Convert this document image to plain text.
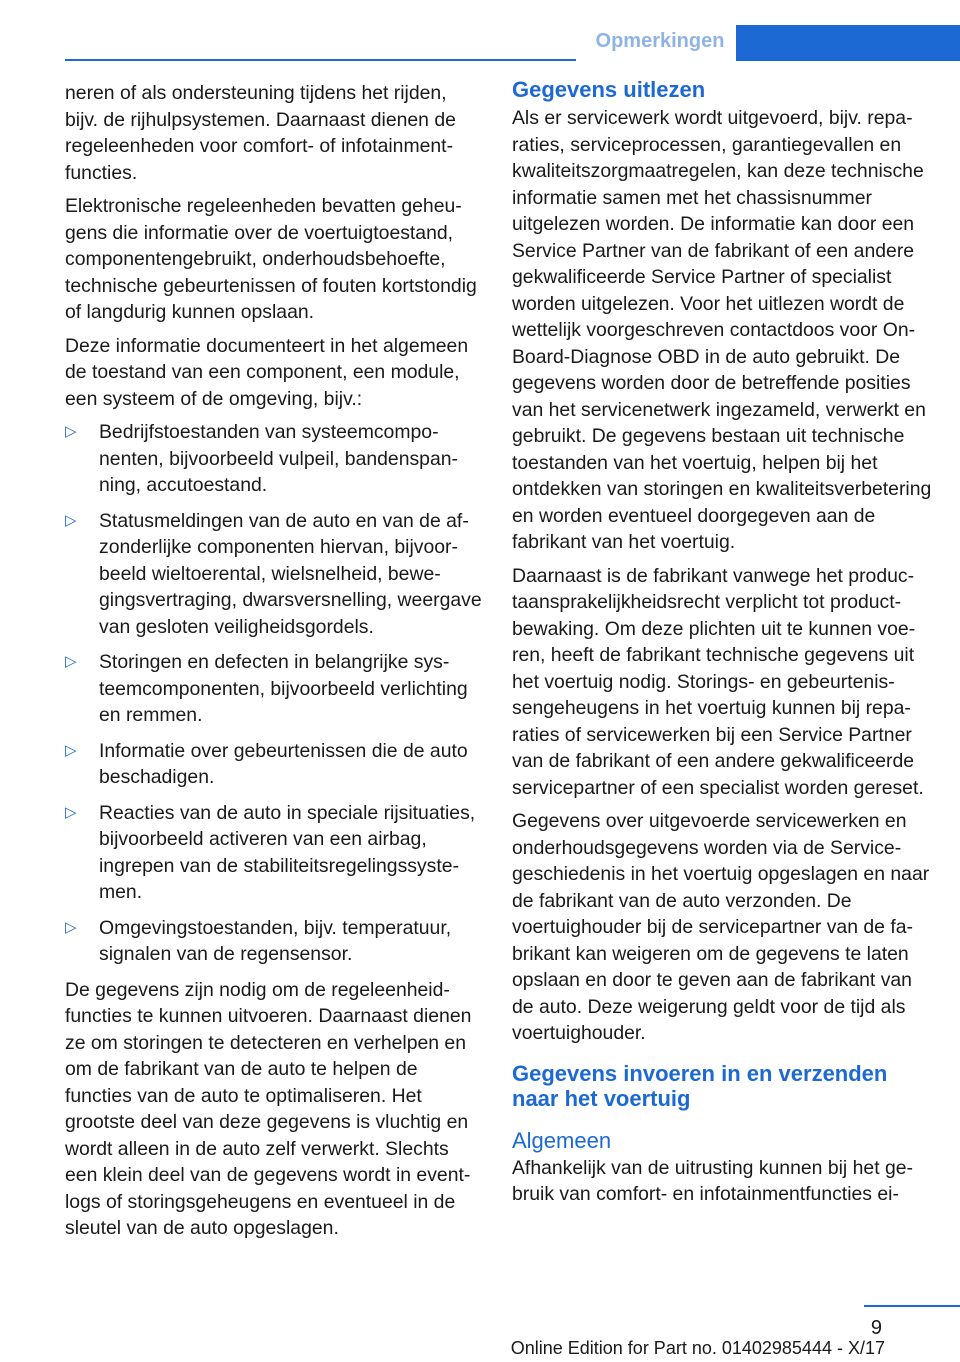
Opmerkingen

neren of als ondersteuning tijdens het rijden, bijv. de rijhulpsystemen. Daarnaast dienen de regeleenheden voor comfort- of infotainmentfuncties.

Elektronische regeleenheden bevatten geheugens die informatie over de voertuigtoestand, componentengebruikt, onderhoudsbehoefte, technische gebeurtenissen of fouten kortstondig of langdurig kunnen opslaan.

Deze informatie documenteert in het algemeen de toestand van een component, een module, een systeem of de omgeving, bijv.:

▷ Bedrijfstoestanden van systeemcomponenten, bijvoorbeeld vulpeil, bandenspanning, accutoestand.
▷ Statusmeldingen van de auto en van de afzonderlijke componenten hiervan, bijvoorbeeld wieltoerental, wielsnelheid, bewegingsvertraging, dwarsversnelling, weergave van gesloten veiligheidsgordels.
▷ Storingen en defecten in belangrijke systeemcomponenten, bijvoorbeeld verlichting en remmen.
▷ Informatie over gebeurtenissen die de auto beschadigen.
▷ Reacties van de auto in speciale rijsituaties, bijvoorbeeld activeren van een airbag, ingrepen van de stabiliteitsregelingssystemen.
▷ Omgevingstoestanden, bijv. temperatuur, signalen van de regensensor.

De gegevens zijn nodig om de regeleenheidfuncties te kunnen uitvoeren. Daarnaast dienen ze om storingen te detecteren en verhelpen en om de fabrikant van de auto te helpen de functies van de auto te optimaliseren. Het grootste deel van deze gegevens is vluchtig en wordt alleen in de auto zelf verwerkt. Slechts een klein deel van de gegevens wordt in eventlogs of storingsgeheugens en eventueel in de sleutel van de auto opgeslagen.

Gegevens uitlezen

Als er servicewerk wordt uitgevoerd, bijv. reparaties, serviceprocessen, garantiegevallen en kwaliteitszorgmaatregelen, kan deze technische informatie samen met het chassisnummer uitgelezen worden. De informatie kan door een Service Partner van de fabrikant of een andere gekwalificeerde Service Partner of specialist worden uitgelezen. Voor het uitlezen wordt de wettelijk voorgeschreven contactdoos voor On-Board-Diagnose OBD in de auto gebruikt. De gegevens worden door de betreffende posities van het servicenetwerk ingezameld, verwerkt en gebruikt. De gegevens bestaan uit technische toestanden van het voertuig, helpen bij het ontdekken van storingen en kwaliteitsverbetering en worden eventueel doorgegeven aan de fabrikant van het voertuig.

Daarnaast is de fabrikant vanwege het productaansprakelijkheidsrecht verplicht tot productbewaking. Om deze plichten uit te kunnen voeren, heeft de fabrikant technische gegevens uit het voertuig nodig. Storings- en gebeurtenissengeheugens in het voertuig kunnen bij reparaties of servicewerken bij een Service Partner van de fabrikant of een andere gekwalificeerde servicepartner of een specialist worden gereset.

Gegevens over uitgevoerde servicewerken en onderhoudsgegevens worden via de Servicegeschiedenis in het voertuig opgeslagen en naar de fabrikant van de auto verzonden. De voertuighouder bij de servicepartner van de fabrikant kan weigeren om de gegevens te laten opslaan en door te geven aan de fabrikant van de auto. Deze weigerung geldt voor de tijd als voertuighouder.

Gegevens invoeren in en verzenden naar het voertuig
Algemeen

Afhankelijk van de uitrusting kunnen bij het gebruik van comfort- en infotainmentfuncties ei-

9
Online Edition for Part no. 01402985444 - X/17
